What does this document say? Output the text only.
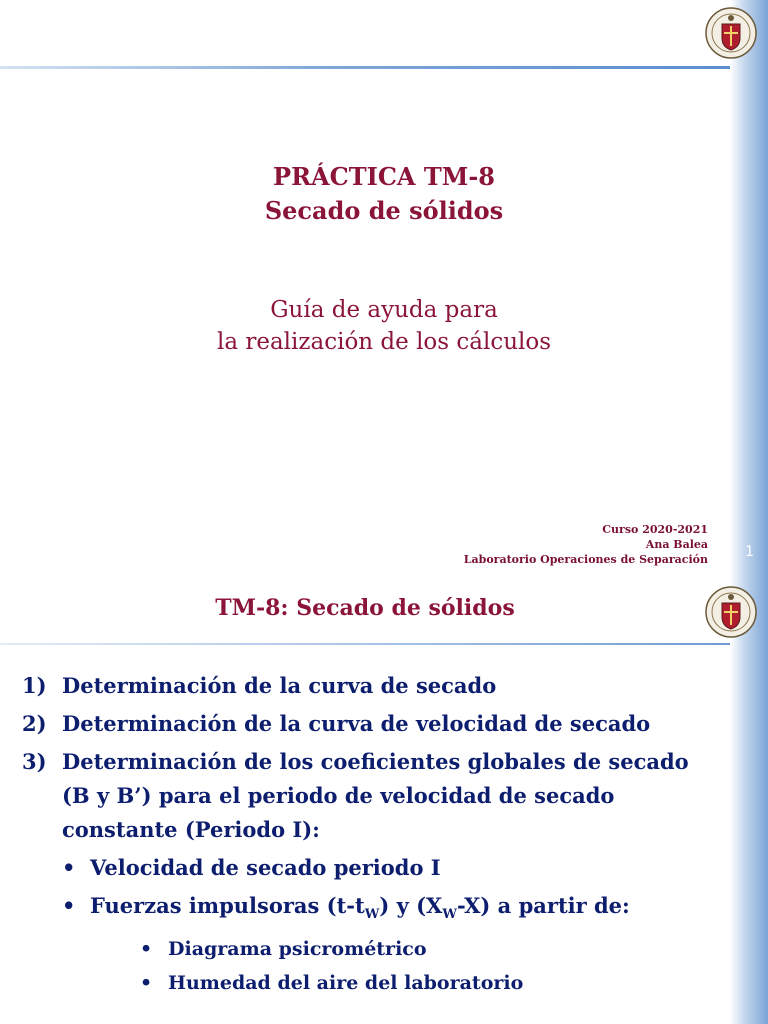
PRÁCTICA TM-8
Secado de sólidos
Guía de ayuda para
la realización de los cálculos
Curso 2020-2021
Ana Balea
Laboratorio Operaciones de Separación	1
TM-8: Secado de sólidos
1) Determinación de la curva de secado
2) Determinación de la curva de velocidad de secado
3) Determinación de los coeficientes globales de secado (B y B’) para el periodo de velocidad de secado constante (Periodo I):
• Velocidad de secado periodo I
• Fuerzas impulsoras $(t-t_W)$ y $(X_W-X)$ a partir de:
• Diagrama psicrométrico
• Humedad del aire del laboratorio
